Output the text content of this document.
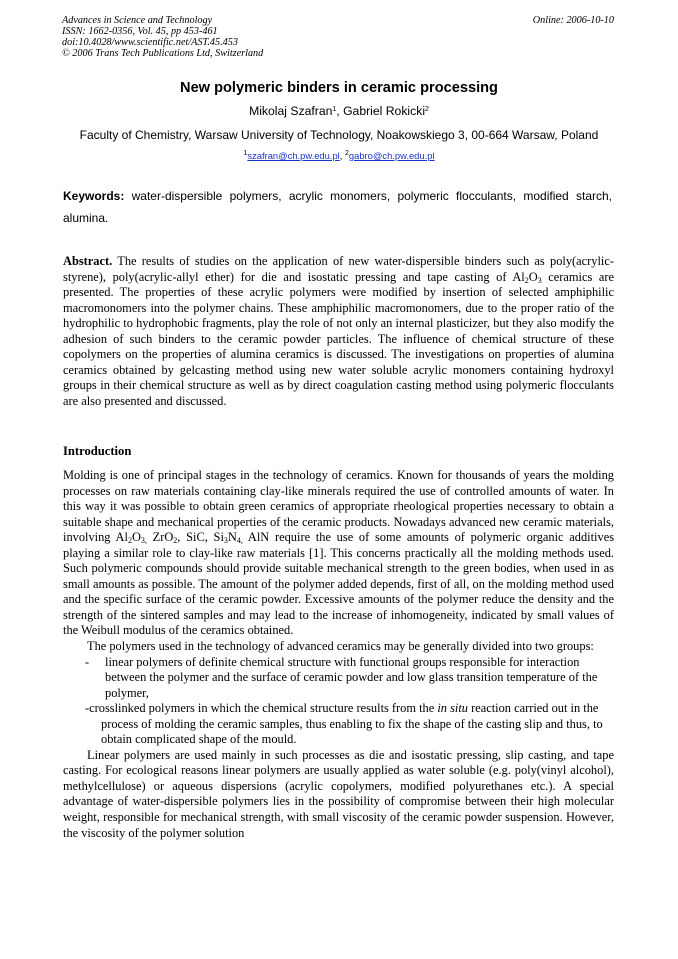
Advances in Science and Technology
ISSN: 1662-0356, Vol. 45, pp 453-461
doi:10.4028/www.scientific.net/AST.45.453
© 2006 Trans Tech Publications Ltd, Switzerland
Online: 2006-10-10
New polymeric binders in ceramic processing
Mikolaj Szafran$^1$, Gabriel Rokicki$^2$
Faculty of Chemistry, Warsaw University of Technology, Noakowskiego 3, 00-664 Warsaw, Poland
$^1$szafran@ch.pw.edu.pl, $^2$gabro@ch.pw.edu.pl
Keywords: water-dispersible polymers, acrylic monomers, polymeric flocculants, modified starch, alumina.
Abstract. The results of studies on the application of new water-dispersible binders such as poly(acrylic-styrene), poly(acrylic-allyl ether) for die and isostatic pressing and tape casting of $Al_2O_3$ ceramics are presented. The properties of these acrylic polymers were modified by insertion of selected amphiphilic macromonomers into the polymer chains. These amphiphilic macromonomers, due to the proper ratio of the hydrophilic to hydrophobic fragments, play the role of not only an internal plasticizer, but they also modify the adhesion of such binders to the ceramic powder particles. The influence of chemical structure of these copolymers on the properties of alumina ceramics is discussed. The investigations on properties of alumina ceramics obtained by gelcasting method using new water soluble acrylic monomers containing hydroxyl groups in their chemical structure as well as by direct coagulation casting method using polymeric flocculants are also presented and discussed.
Introduction

Molding is one of principal stages in the technology of ceramics. Known for thousands of years the molding processes on raw materials containing clay-like minerals required the use of controlled amounts of water. In this way it was possible to obtain green ceramics of appropriate rheological properties necessary to obtain a suitable shape and mechanical properties of the ceramic products. Nowadays advanced new ceramic materials, involving $Al_2O_{3,}$ ZrO$_2$, SiC, $Si_3N_{4,}$ AlN require the use of some amounts of polymeric organic additives playing a similar role to clay-like raw materials [1]. This concerns practically all the molding methods used. Such polymeric compounds should provide suitable mechanical strength to the green bodies, when used in as small amounts as possible. The amount of the polymer added depends, first of all, on the molding method used and the specific surface of the ceramic powder. Excessive amounts of the polymer reduce the density and the strength of the sintered samples and may lead to the increase of inhomogeneity, indicated by small values of the Weibull modulus of the ceramics obtained.

The polymers used in the technology of advanced ceramics may be generally divided into two groups:

-	linear polymers of definite chemical structure with functional groups responsible for interaction between the polymer and the surface of ceramic powder and low glass transition temperature of the polymer,
-crosslinked polymers in which the chemical structure results from the in situ reaction carried out in the process of molding the ceramic samples, thus enabling to fix the shape of the casting slip and thus, to obtain complicated shape of the mould.

Linear polymers are used mainly in such processes as die and isostatic pressing, slip casting, and tape casting. For ecological reasons linear polymers are usually applied as water soluble (e.g. poly(vinyl alcohol), methylcellulose) or aqueous dispersions (acrylic copolymers, modified polyurethanes etc.). A special advantage of water-dispersible polymers lies in the possibility of compromise between their high molecular weight, responsible for mechanical strength, with small viscosity of the ceramic powder suspension. However, the viscosity of the polymer solution
